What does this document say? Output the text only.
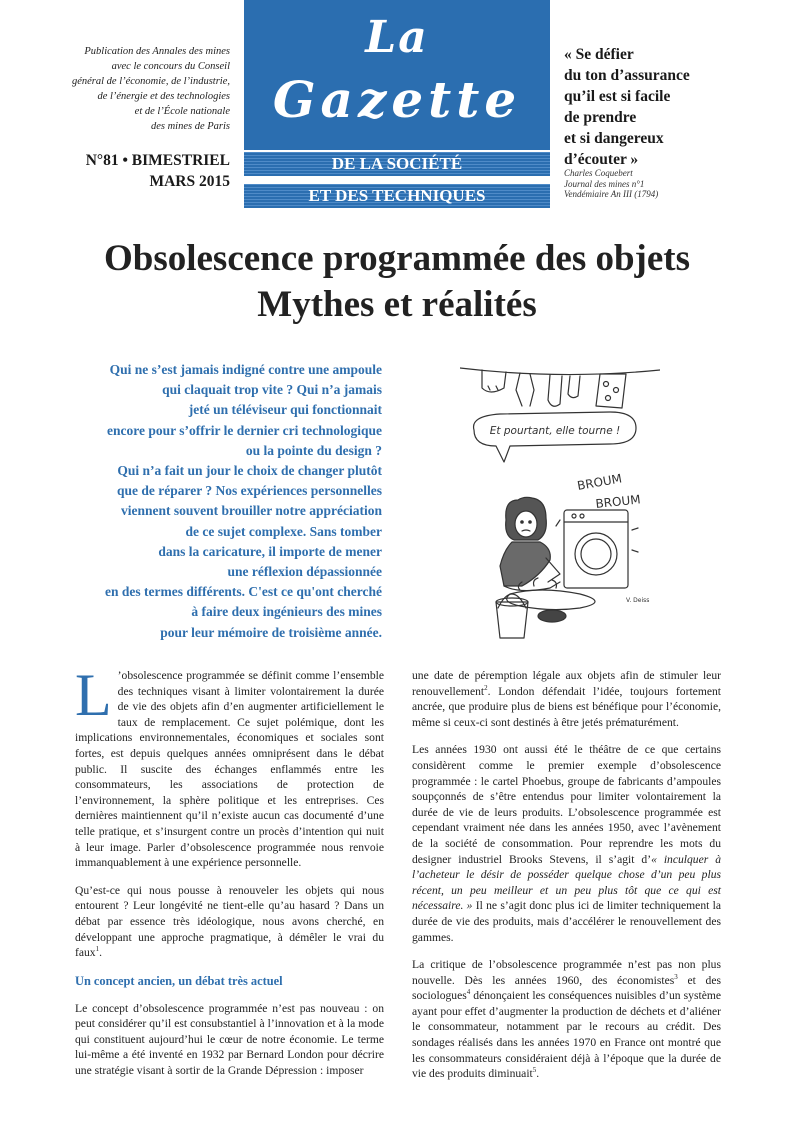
Publication des Annales des mines
avec le concours du Conseil
général de l’économie, de l’industrie,
de l’énergie et des technologies
et de l’École nationale
des mines de Paris
N°81 • BIMESTRIEL
MARS 2015
La
Gazette
DE LA SOCIÉTÉ
ET DES TECHNIQUES
« Se défier
du ton d’assurance
qu’il est si facile
de prendre
et si dangereux
d’écouter »
Charles Coquebert
Journal des mines n°1
Vendémiaire An III (1794)
Obsolescence programmée des objets
Mythes et réalités
Qui ne s’est jamais indigné contre une ampoule
qui claquait trop vite ? Qui n’a jamais
jeté un téléviseur qui fonctionnait
encore pour s’offrir le dernier cri technologique
ou la pointe du design ?
Qui n’a fait un jour le choix de changer plutôt
que de réparer ? Nos expériences personnelles
viennent souvent brouiller notre appréciation
de ce sujet complexe. Sans tomber
dans la caricature, il importe de mener
une réflexion dépassionnée
en des termes différents. C'est ce qu'ont cherché
à faire deux ingénieurs des mines
pour leur mémoire de troisième année.
Et pourtant, elle tourne !
BROUM
BROUM
V. Deiss

L ’obsolescence programmée se définit comme l’ensemble des techniques visant à limiter volontairement la durée de vie des objets afin d’en augmenter artificiellement le taux de remplacement. Ce sujet polémique, dont les implications environnementales, économiques et sociales sont fortes, est depuis quelques années omniprésent dans le débat public. Il suscite des échanges enflammés entre les consommateurs, les associations de protection de l’environnement, la sphère politique et les entreprises. Ces dernières maintiennent qu’il n’existe aucun cas documenté d’une telle pratique, et s’insurgent contre un procès d’intention qui nuit à leur image. Parler d’obsolescence programmée nous renvoie immanquablement à une expérience personnelle.

Qu’est-ce qui nous pousse à renouveler les objets qui nous entourent ? Leur longévité ne tient-elle qu’au hasard ? Dans un débat par essence très idéologique, nous avons cherché, en développant une approche pragmatique, à démêler le vrai du faux$^1$.

Un concept ancien, un débat très actuel

Le concept d’obsolescence programmée n’est pas nouveau : on peut considérer qu’il est consubstantiel à l’innovation et à la mode qui constituent aujourd’hui le cœur de notre économie. Le terme lui-même a été inventé en 1932 par Bernard London pour décrire une stratégie visant à sortir de la Grande Dépression : imposer

une date de péremption légale aux objets afin de stimuler leur renouvellement$^2$. London défendait l’idée, toujours fortement ancrée, que produire plus de biens est bénéfique pour l’économie, même si ceux-ci sont destinés à être jetés prématurément.

Les années 1930 ont aussi été le théâtre de ce que certains considèrent comme le premier exemple d’obsolescence programmée : le cartel Phoebus, groupe de fabricants d’ampoules soupçonnés de s’être entendus pour limiter volontairement la durée de vie de leurs produits. L’obsolescence programmée est cependant vraiment née dans les années 1950, avec l’avènement de la société de consommation. Pour reprendre les mots du designer industriel Brooks Stevens, il s’agit d’« inculquer à l’acheteur le désir de posséder quelque chose d’un peu plus récent, un peu meilleur et un peu plus tôt que ce qui est nécessaire. » Il ne s’agit donc plus ici de limiter techniquement la durée de vie des produits, mais d’accélérer le renouvellement des gammes.

La critique de l’obsolescence programmée n’est pas non plus nouvelle. Dès les années 1960, des économistes$^3$ et des sociologues$^4$ dénonçaient les conséquences nuisibles d’un système ayant pour effet d’augmenter la production de déchets et d’aliéner le consommateur, notamment par le recours au crédit. Des sondages réalisés dans les années 1970 en France ont montré que les consommateurs considéraient déjà à l’époque que la durée de vie des produits diminuait$^5$.
